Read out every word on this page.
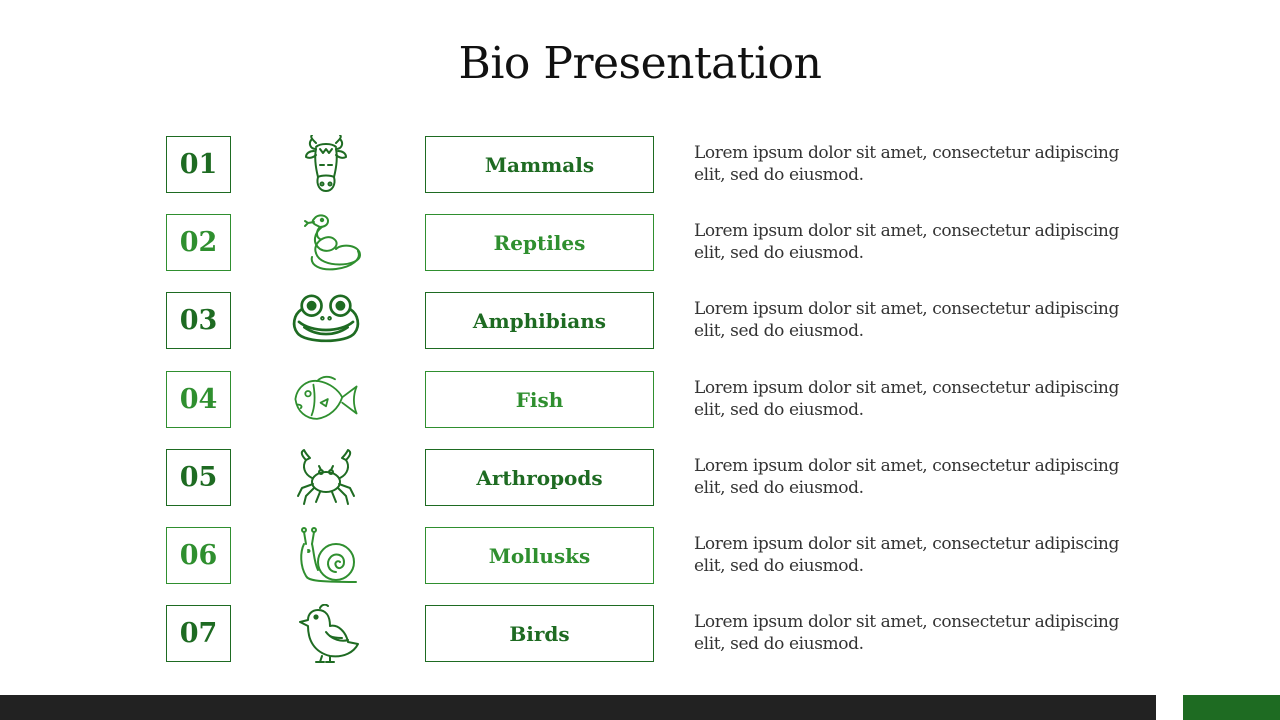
Bio Presentation
01	Mammals	Lorem ipsum dolor sit amet, consectetur adipiscing elit, sed do eiusmod.
02	Reptiles	Lorem ipsum dolor sit amet, consectetur adipiscing elit, sed do eiusmod.
03	Amphibians	Lorem ipsum dolor sit amet, consectetur adipiscing elit, sed do eiusmod.
04	Fish	Lorem ipsum dolor sit amet, consectetur adipiscing elit, sed do eiusmod.
05	Arthropods	Lorem ipsum dolor sit amet, consectetur adipiscing elit, sed do eiusmod.
06	Mollusks	Lorem ipsum dolor sit amet, consectetur adipiscing elit, sed do eiusmod.
07	Birds	Lorem ipsum dolor sit amet, consectetur adipiscing elit, sed do eiusmod.
